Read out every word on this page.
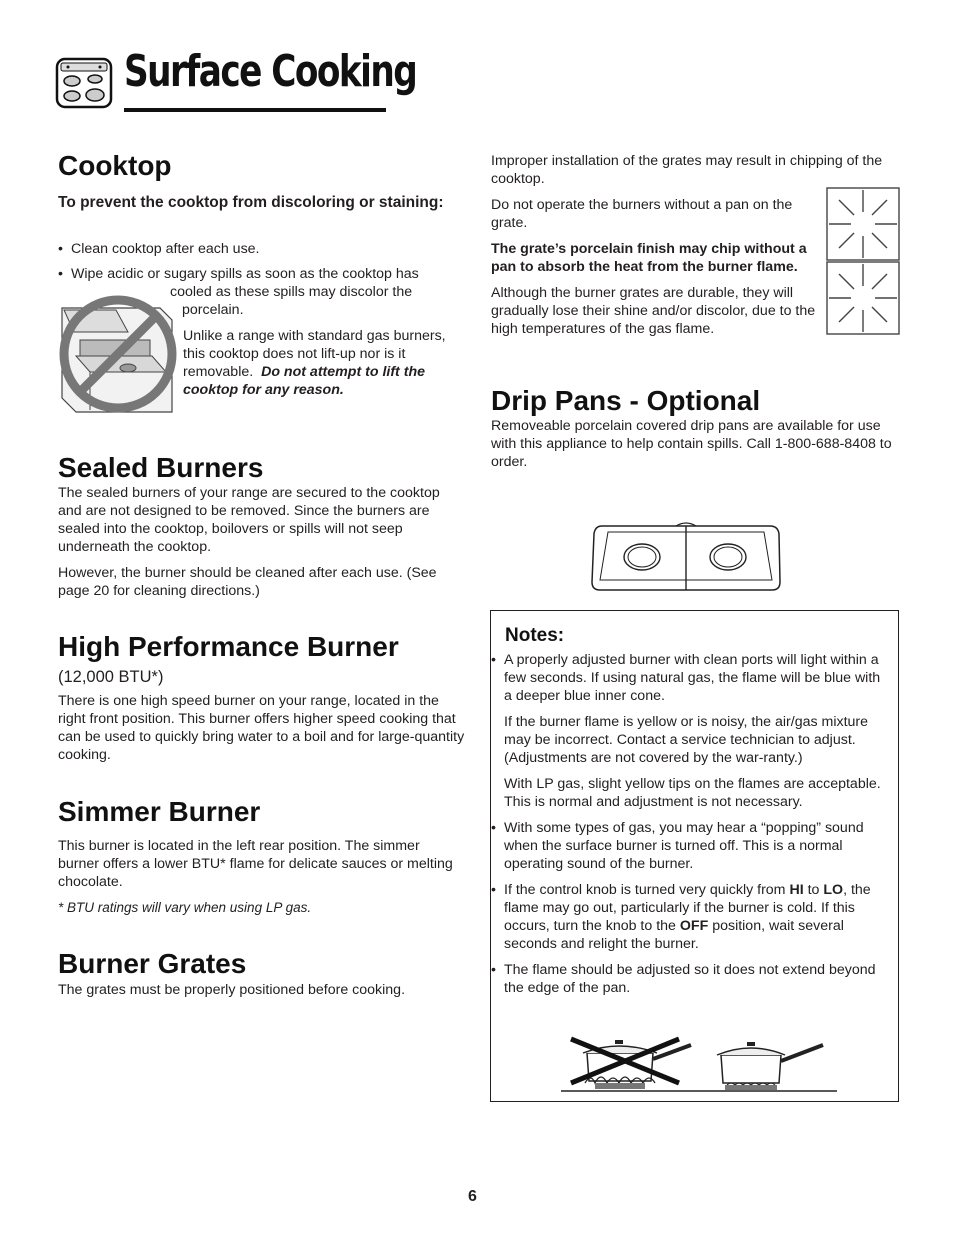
Surface Cooking
Cooktop
To prevent the cooktop from discoloring or staining:
• Clean cooktop after each use.
• Wipe acidic or sugary spills as soon as the cooktop has
cooled as these spills may discolor the
porcelain.
Unlike a range with standard gas burners, this cooktop does not lift-up nor is it removable. Do not attempt to lift the cooktop for any reason.
Sealed Burners

The sealed burners of your range are secured to the cooktop and are not designed to be removed. Since the burners are sealed into the cooktop, boilovers or spills will not seep underneath the cooktop.

However, the burner should be cleaned after each use. (See page 20 for cleaning directions.)

High Performance Burner
(12,000 BTU*)
There is one high speed burner on your range, located in the right front position. This burner offers higher speed cooking that can be used to quickly bring water to a boil and for large-quantity cooking.
Simmer Burner

This burner is located in the left rear position. The simmer burner offers a lower BTU* flame for delicate sauces or melting chocolate.

* BTU ratings will vary when using LP gas.

Burner Grates
The grates must be properly positioned before cooking.
Improper installation of the grates may result in chipping of the cooktop.

Do not operate the burners without a pan on the grate.

The grate’s porcelain finish may chip without a pan to absorb the heat from the burner flame.

Although the burner grates are durable, they will gradually lose their shine and/or discolor, due to the high temperatures of the gas flame.

Drip Pans - Optional
Removeable porcelain covered drip pans are available for use with this appliance to help contain spills. Call 1-800-688-8408 to order.
Notes:
• A properly adjusted burner with clean ports will light within a few seconds. If using natural gas, the flame will be blue with a deeper blue inner cone.

If the burner flame is yellow or is noisy, the air/gas mixture may be incorrect. Contact a service technician to adjust. (Adjustments are not covered by the war-ranty.)

With LP gas, slight yellow tips on the flames are acceptable. This is normal and adjustment is not necessary.

• With some types of gas, you may hear a “popping” sound when the surface burner is turned off. This is a normal operating sound of the burner.
• If the control knob is turned very quickly from HI to LO, the flame may go out, particularly if the burner is cold. If this occurs, turn the knob to the OFF position, wait several seconds and relight the burner.
• The flame should be adjusted so it does not extend beyond the edge of the pan.
6
